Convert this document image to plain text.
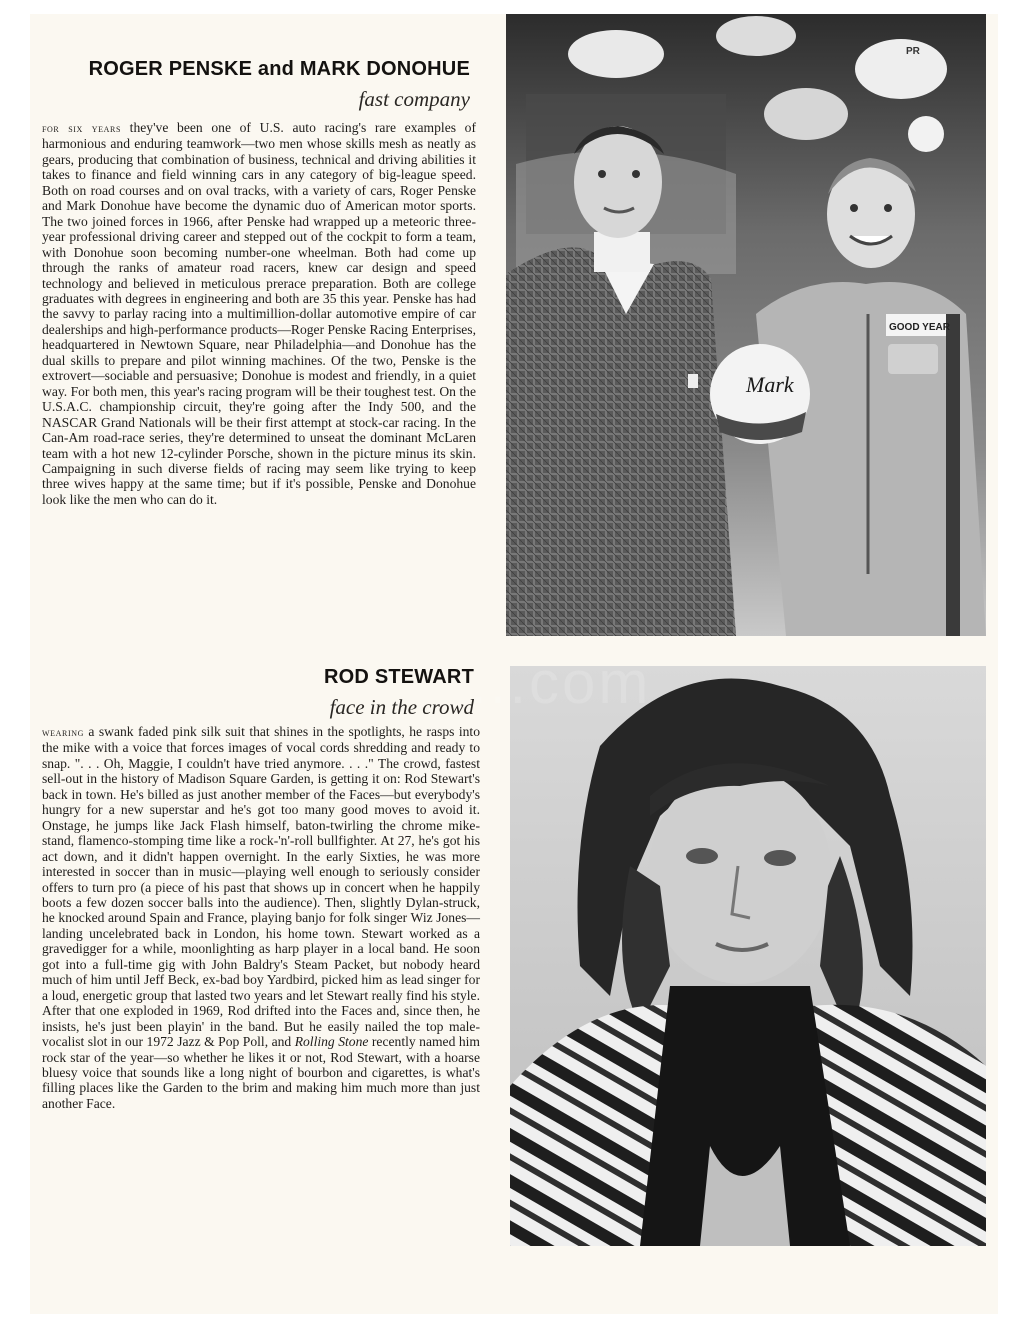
ROGER PENSKE and MARK DONOHUE
fast company
for six years they've been one of U.S. auto racing's rare examples of harmonious and enduring teamwork—two men whose skills mesh as neatly as gears, producing that combination of business, technical and driving abilities it takes to finance and field winning cars in any category of big-league speed. Both on road courses and on oval tracks, with a variety of cars, Roger Penske and Mark Donohue have become the dynamic duo of American motor sports. The two joined forces in 1966, after Penske had wrapped up a meteoric three-year professional driving career and stepped out of the cockpit to form a team, with Donohue soon becoming number-one wheelman. Both had come up through the ranks of amateur road racers, knew car design and speed technology and believed in meticulous prerace preparation. Both are college graduates with degrees in engineering and both are 35 this year. Penske has had the savvy to parlay racing into a multimillion-dollar automotive empire of car dealerships and high-performance products—Roger Penske Racing Enterprises, headquartered in Newtown Square, near Philadelphia—and Donohue has the dual skills to prepare and pilot winning machines. Of the two, Penske is the extrovert—sociable and persuasive; Donohue is modest and friendly, in a quiet way. For both men, this year's racing program will be their toughest test. On the U.S.A.C. championship circuit, they're going after the Indy 500, and the NASCAR Grand Nationals will be their first attempt at stock-car racing. In the Can-Am road-race series, they're determined to unseat the dominant McLaren team with a hot new 12-cylinder Porsche, shown in the picture minus its skin. Campaigning in such diverse fields of racing may seem like trying to keep three wives happy at the same time; but if it's possible, Penske and Donohue look like the men who can do it.
Mark
GOOD YEAR
PR
ROD STEWART
face in the crowd
wearing a swank faded pink silk suit that shines in the spotlights, he rasps into the mike with a voice that forces images of vocal cords shredding and ready to snap. ". . . Oh, Maggie, I couldn't have tried anymore. . . ." The crowd, fastest sell-out in the history of Madison Square Garden, is getting it on: Rod Stewart's back in town. He's billed as just another member of the Faces—but everybody's hungry for a new superstar and he's got too many good moves to avoid it. Onstage, he jumps like Jack Flash himself, baton-twirling the chrome mike-stand, flamenco-stomping time like a rock-'n'-roll bullfighter. At 27, he's got his act down, and it didn't happen overnight. In the early Sixties, he was more interested in soccer than in music—playing well enough to seriously consider offers to turn pro (a piece of his past that shows up in concert when he happily boots a few dozen soccer balls into the audience). Then, slightly Dylan-struck, he knocked around Spain and France, playing banjo for folk singer Wiz Jones—landing uncelebrated back in London, his home town. Stewart worked as a gravedigger for a while, moonlighting as harp player in a local band. He soon got into a full-time gig with John Baldry's Steam Packet, but nobody heard much of him until Jeff Beck, ex-bad boy Yardbird, picked him as lead singer for a loud, energetic group that lasted two years and let Stewart really find his style. After that one exploded in 1969, Rod drifted into the Faces and, since then, he insists, he's just been playin' in the band. But he easily nailed the top male-vocalist slot in our 1972 Jazz & Pop Poll, and Rolling Stone recently named him rock star of the year—so whether he likes it or not, Rod Stewart, with a hoarse bluesy voice that sounds like a long night of bourbon and cigarettes, is what's filling places like the Garden to the brim and making him much more than just another Face.
...com
